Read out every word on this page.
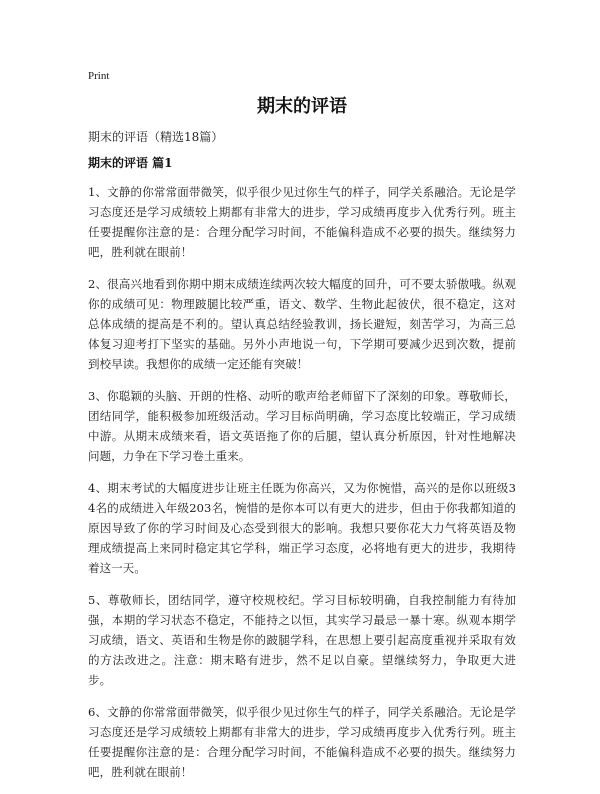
Print
期末的评语
期末的评语（精选18篇）
期末的评语 篇1

1、文静的你常常面带微笑，似乎很少见过你生气的样子，同学关系融洽。无论是学习态度还是学习成绩较上期都有非常大的进步，学习成绩再度步入优秀行列。班主任要提醒你注意的是：合理分配学习时间，不能偏科造成不必要的损失。继续努力吧，胜利就在眼前！

2、很高兴地看到你期中期末成绩连续两次较大幅度的回升，可不要太骄傲哦。纵观你的成绩可见：物理跛腿比较严重，语文、数学、生物此起彼伏，很不稳定，这对总体成绩的提高是不利的。望认真总结经验教训，扬长避短，刻苦学习，为高三总体复习迎考打下坚实的基础。另外小声地说一句，下学期可要减少迟到次数，提前到校早读。我想你的成绩一定还能有突破！

3、你聪颖的头脑、开朗的性格、动听的歌声给老师留下了深刻的印象。尊敬师长，团结同学，能积极参加班级活动。学习目标尚明确，学习态度比较端正，学习成绩中游。从期末成绩来看，语文英语拖了你的后腿，望认真分析原因，针对性地解决问题，力争在下学习卷土重来。

4、期末考试的大幅度进步让班主任既为你高兴，又为你惋惜，高兴的是你以班级34名的成绩进入年级203名，惋惜的是你本可以有更大的进步，但由于你我都知道的原因导致了你的学习时间及心态受到很大的影响。我想只要你花大力气将英语及物理成绩提高上来同时稳定其它学科，端正学习态度，必将地有更大的进步，我期待着这一天。

5、尊敬师长，团结同学，遵守校规校纪。学习目标较明确，自我控制能力有待加强，本期的学习状态不稳定，不能持之以恒，其实学习最忌一暴十寒。纵观本期学习成绩，语文、英语和生物是你的跛腿学科，在思想上要引起高度重视并采取有效的方法改进之。注意：期末略有进步，然不足以自豪。望继续努力，争取更大进步。

6、文静的你常常面带微笑，似乎很少见过你生气的样子，同学关系融洽。无论是学习态度还是学习成绩较上期都有非常大的进步，学习成绩再度步入优秀行列。班主任要提醒你注意的是：合理分配学习时间，不能偏科造成不必要的损失。继续努力吧，胜利就在眼前！
